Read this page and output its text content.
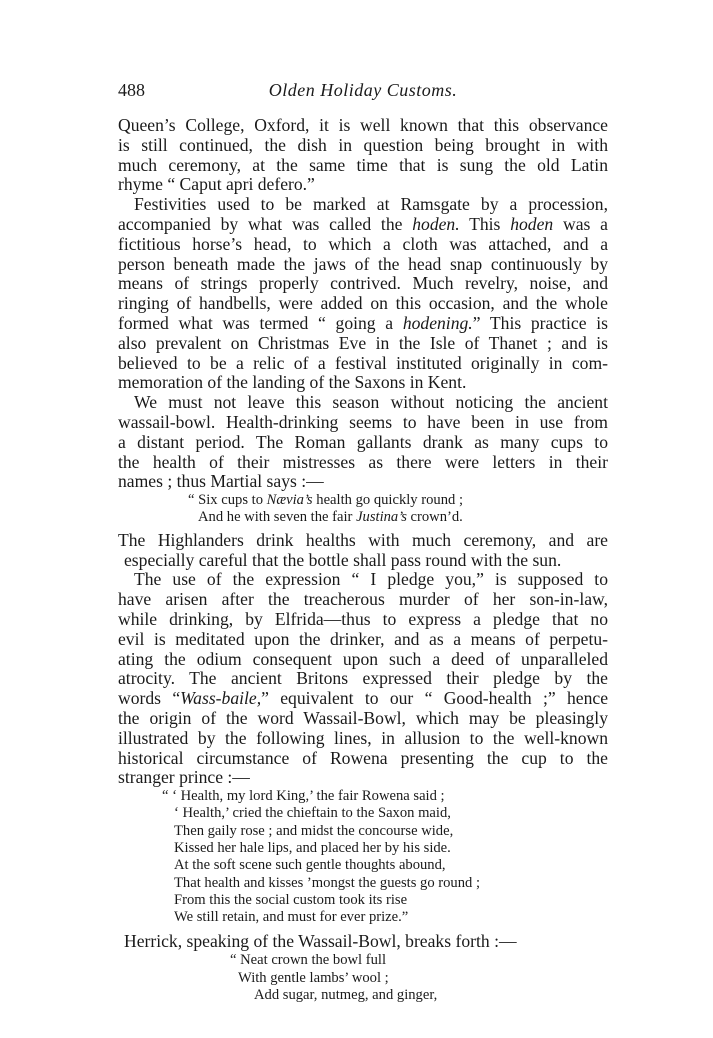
488	Olden Holiday Customs.
Queen’s College, Oxford, it is well known that this observance
is still continued, the dish in question being brought in with
much ceremony, at the same time that is sung the old Latin
rhyme “ Caput apri defero.”
Festivities used to be marked at Ramsgate by a procession,
accompanied by what was called the hoden. This hoden was a
fictitious horse’s head, to which a cloth was attached, and a
person beneath made the jaws of the head snap continuously by
means of strings properly contrived. Much revelry, noise, and
ringing of handbells, were added on this occasion, and the whole
formed what was termed “ going a hodening.” This practice is
also prevalent on Christmas Eve in the Isle of Thanet ; and is
believed to be a relic of a festival instituted originally in com-
memoration of the landing of the Saxons in Kent.
We must not leave this season without noticing the ancient
wassail-bowl. Health-drinking seems to have been in use from
a distant period. The Roman gallants drank as many cups to
the health of their mistresses as there were letters in their
names ; thus Martial says :—
“ Six cups to Nævia’s health go quickly round ;
And he with seven the fair Justina’s crown’d.
The Highlanders drink healths with much ceremony, and are
especially careful that the bottle shall pass round with the sun.
The use of the expression “ I pledge you,” is supposed to
have arisen after the treacherous murder of her son-in-law,
while drinking, by Elfrida—thus to express a pledge that no
evil is meditated upon the drinker, and as a means of perpetu-
ating the odium consequent upon such a deed of unparalleled
atrocity. The ancient Britons expressed their pledge by the
words “Wass-baile,” equivalent to our “ Good-health ;” hence
the origin of the word Wassail-Bowl, which may be pleasingly
illustrated by the following lines, in allusion to the well-known
historical circumstance of Rowena presenting the cup to the
stranger prince :—
“ ‘ Health, my lord King,’ the fair Rowena said ;
‘ Health,’ cried the chieftain to the Saxon maid,
Then gaily rose ; and midst the concourse wide,
Kissed her hale lips, and placed her by his side.
At the soft scene such gentle thoughts abound,
That health and kisses ’mongst the guests go round ;
From this the social custom took its rise
We still retain, and must for ever prize.”
Herrick, speaking of the Wassail-Bowl, breaks forth :—
“ Neat crown the bowl full
With gentle lambs’ wool ;
Add sugar, nutmeg, and ginger,
